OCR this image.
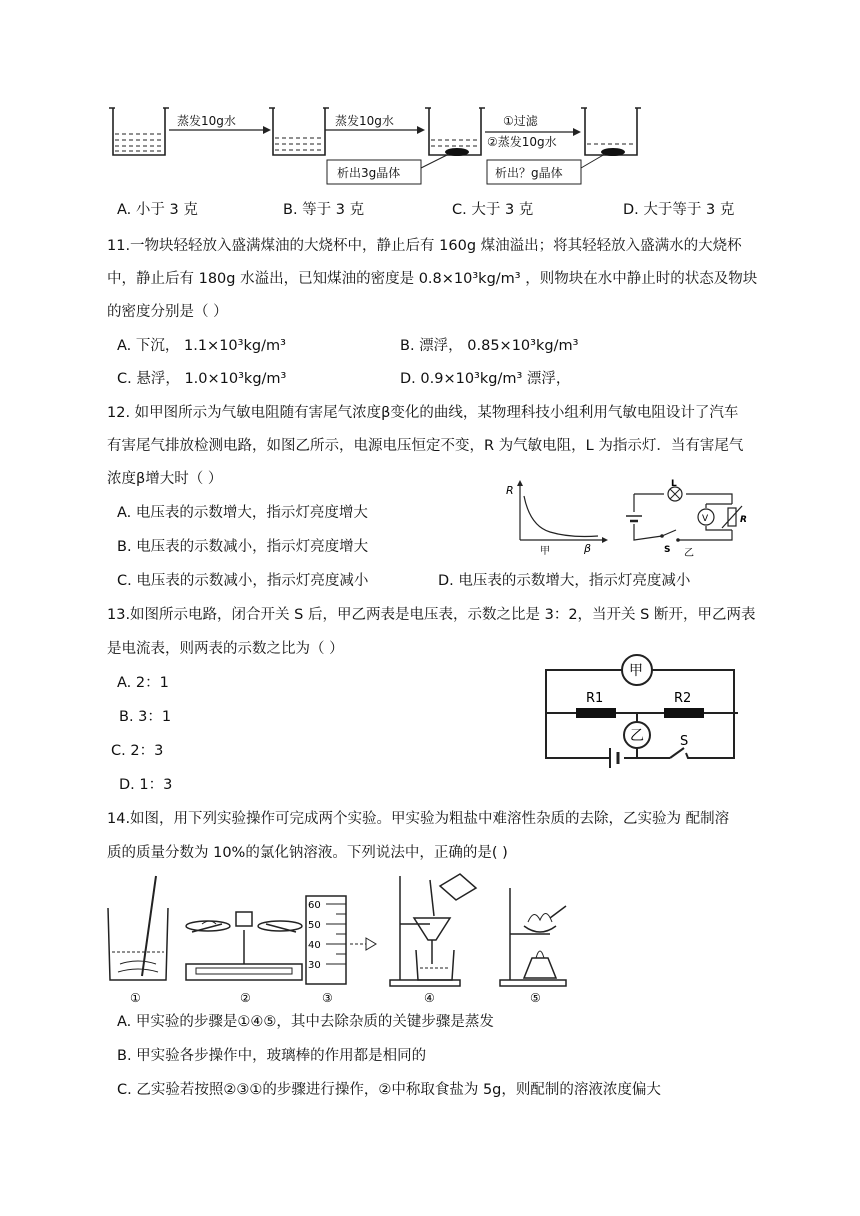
蒸发10g水	蒸发10g水
析出3g晶体
①过滤
②蒸发10g水
析出？g晶体
A. 小于 3 克	B. 等于 3 克	C. 大于 3 克	D. 大于等于 3 克
11.一物块轻轻放入盛满煤油的大烧杯中，静止后有 160g 煤油溢出；将其轻轻放入盛满水的大烧杯
中，静止后有 180g 水溢出，已知煤油的密度是 0.8×10³kg/m³ ，则物块在水中静止时的状态及物块
的密度分别是（ ）
A. 下沉， 1.1×10³kg/m³	B. 漂浮， 0.85×10³kg/m³
C. 悬浮， 1.0×10³kg/m³	D. 0.9×10³kg/m³ 漂浮，
12. 如甲图所示为气敏电阻随有害尾气浓度β变化的曲线，某物理科技小组利用气敏电阻设计了汽车
有害尾气排放检测电路，如图乙所示，电源电压恒定不变，R 为气敏电阻，L 为指示灯．当有害尾气
浓度β增大时（ ）
A. 电压表的示数增大，指示灯亮度增大
B. 电压表的示数减小，指示灯亮度增大
C. 电压表的示数减小，指示灯亮度减小	D. 电压表的示数增大，指示灯亮度减小
R
β
甲
V
L
R
S 乙
13.如图所示电路，闭合开关 S 后，甲乙两表是电压表，示数之比是 3：2，当开关 S 断开，甲乙两表
是电流表，则两表的示数之比为（ ）
A. 2：1
B. 3：1
C. 2：3
D. 1：3
甲
乙
R1	R2
S
14.如图，用下列实验操作可完成两个实验。甲实验为粗盐中难溶性杂质的去除，乙实验为 配制溶
质的质量分数为 10%的氯化钠溶液。下列说法中，正确的是( )
60
50
40
30
①	②	③	④	⑤
A. 甲实验的步骤是①④⑤，其中去除杂质的关键步骤是蒸发
B. 甲实验各步操作中，玻璃棒的作用都是相同的
C. 乙实验若按照②③①的步骤进行操作，②中称取食盐为 5g，则配制的溶液浓度偏大
